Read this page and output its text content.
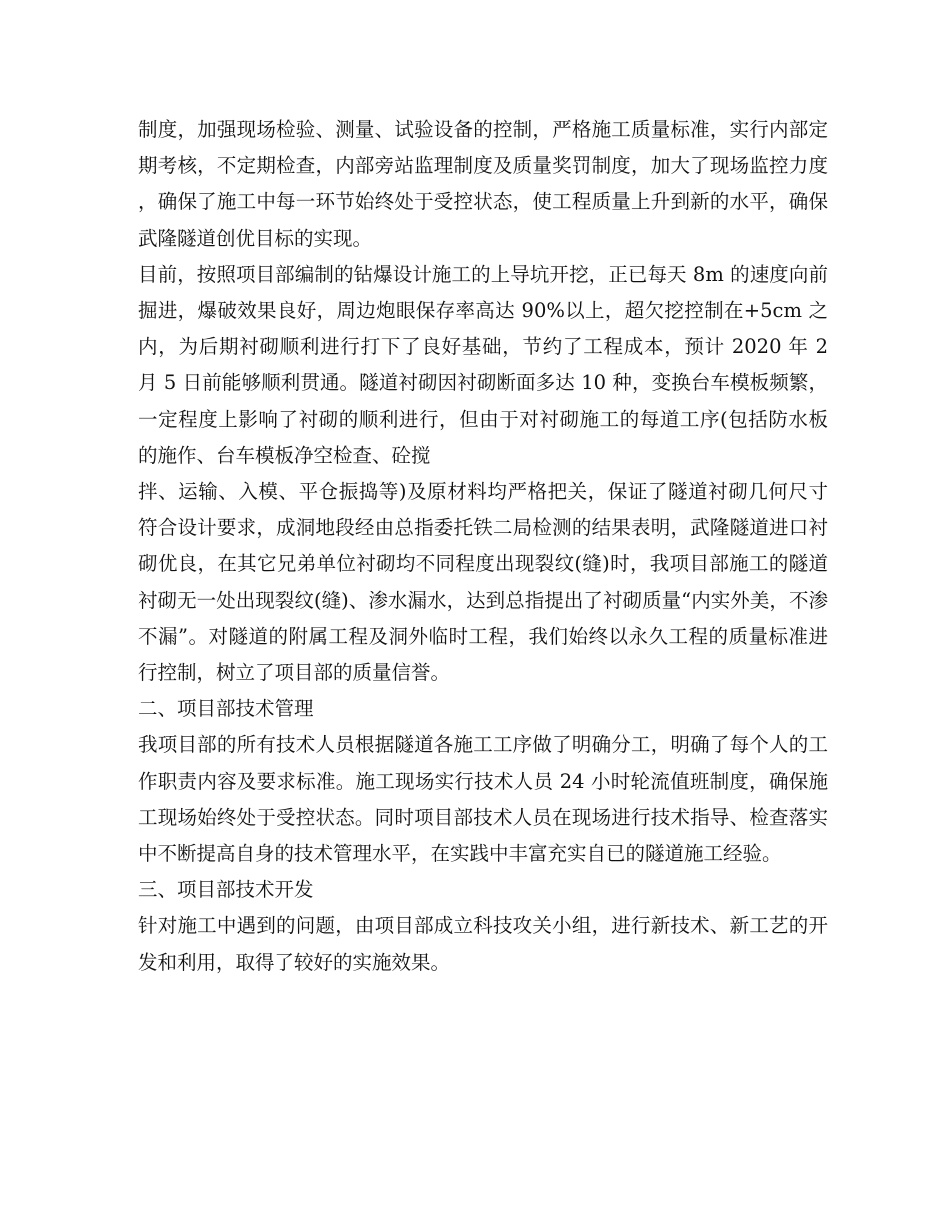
制度，加强现场检验、测量、试验设备的控制，严格施工质量标准，实行内部定期考核，不定期检查，内部旁站监理制度及质量奖罚制度，加大了现场监控力度，确保了施工中每一环节始终处于受控状态，使工程质量上升到新的水平，确保武隆隧道创优目标的实现。

目前，按照项目部编制的钻爆设计施工的上导坑开挖，正已每天 8m 的速度向前掘进，爆破效果良好，周边炮眼保存率高达 90%以上，超欠挖控制在+5cm 之内，为后期衬砌顺利进行打下了良好基础，节约了工程成本，预计 2020 年 2 月 5 日前能够顺利贯通。隧道衬砌因衬砌断面多达 10 种，变换台车模板频繁，一定程度上影响了衬砌的顺利进行，但由于对衬砌施工的每道工序(包括防水板的施作、台车模板净空检查、砼搅

拌、运输、入模、平仓振捣等)及原材料均严格把关，保证了隧道衬砌几何尺寸符合设计要求，成洞地段经由总指委托铁二局检测的结果表明，武隆隧道进口衬砌优良，在其它兄弟单位衬砌均不同程度出现裂纹(缝)时，我项目部施工的隧道衬砌无一处出现裂纹(缝)、渗水漏水，达到总指提出了衬砌质量“内实外美，不渗不漏”。对隧道的附属工程及洞外临时工程，我们始终以永久工程的质量标准进行控制，树立了项目部的质量信誉。

二、项目部技术管理

我项目部的所有技术人员根据隧道各施工工序做了明确分工，明确了每个人的工作职责内容及要求标准。施工现场实行技术人员 24 小时轮流值班制度，确保施工现场始终处于受控状态。同时项目部技术人员在现场进行技术指导、检查落实中不断提高自身的技术管理水平，在实践中丰富充实自已的隧道施工经验。

三、项目部技术开发

针对施工中遇到的问题，由项目部成立科技攻关小组，进行新技术、新工艺的开发和利用，取得了较好的实施效果。
